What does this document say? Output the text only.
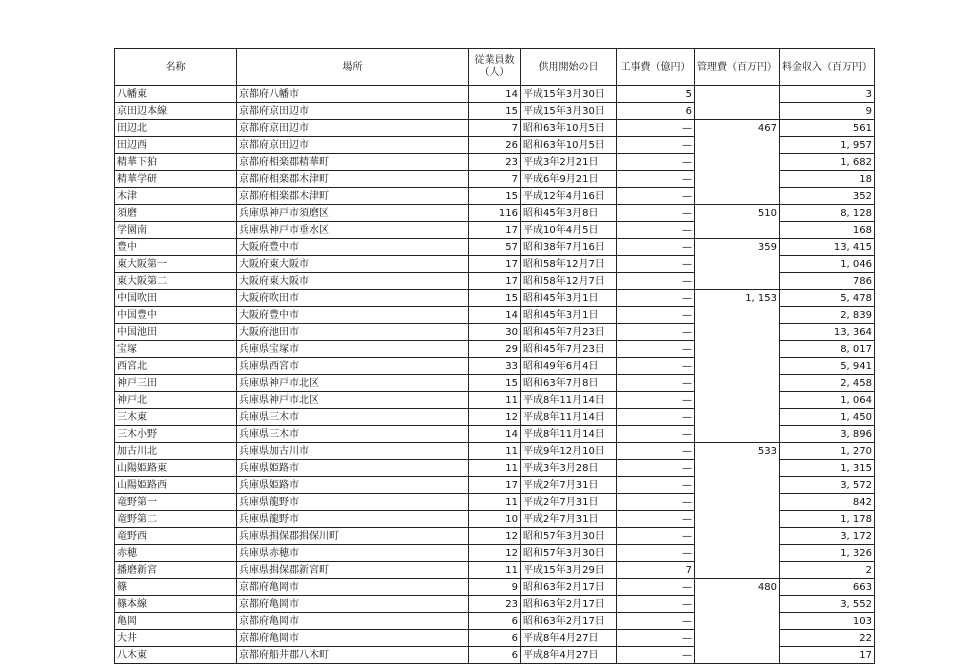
名称	場所	従業員数（人）	供用開始の日	工事費（億円）	管理費（百万円）	料金収入（百万円）
八幡東	京都府八幡市	14	平成15年3月30日	5		3
京田辺本線	京都府京田辺市	15	平成15年3月30日	6		9
田辺北	京都府京田辺市	7	昭和63年10月5日	—	467	561
田辺西	京都府京田辺市	26	昭和63年10月5日	—		1, 957
精華下狛	京都府相楽郡精華町	23	平成3年2月21日	—		1, 682
精華学研	京都府相楽郡木津町	7	平成6年9月21日	—		18
木津	京都府相楽郡木津町	15	平成12年4月16日	—		352
須磨	兵庫県神戸市須磨区	116	昭和45年3月8日	—	510	8, 128
学園南	兵庫県神戸市垂水区	17	平成10年4月5日	—		168
豊中	大阪府豊中市	57	昭和38年7月16日	—	359	13, 415
東大阪第一	大阪府東大阪市	17	昭和58年12月7日	—		1, 046
東大阪第二	大阪府東大阪市	17	昭和58年12月7日	—		786
中国吹田	大阪府吹田市	15	昭和45年3月1日	—	1, 153	5, 478
中国豊中	大阪府豊中市	14	昭和45年3月1日	—		2, 839
中国池田	大阪府池田市	30	昭和45年7月23日	—		13, 364
宝塚	兵庫県宝塚市	29	昭和45年7月23日	—		8, 017
西宮北	兵庫県西宮市	33	昭和49年6月4日	—		5, 941
神戸三田	兵庫県神戸市北区	15	昭和63年7月8日	—		2, 458
神戸北	兵庫県神戸市北区	11	平成8年11月14日	—		1, 064
三木東	兵庫県三木市	12	平成8年11月14日	—		1, 450
三木小野	兵庫県三木市	14	平成8年11月14日	—		3, 896
加古川北	兵庫県加古川市	11	平成9年12月10日	—	533	1, 270
山陽姫路東	兵庫県姫路市	11	平成3年3月28日	—		1, 315
山陽姫路西	兵庫県姫路市	17	平成2年7月31日	—		3, 572
竜野第一	兵庫県龍野市	11	平成2年7月31日	—		842
竜野第二	兵庫県龍野市	10	平成2年7月31日	—		1, 178
竜野西	兵庫県揖保郡揖保川町	12	昭和57年3月30日	—		3, 172
赤穂	兵庫県赤穂市	12	昭和57年3月30日	—		1, 326
播磨新宮	兵庫県揖保郡新宮町	11	平成15年3月29日	7		2
篠	京都府亀岡市	9	昭和63年2月17日	—	480	663
篠本線	京都府亀岡市	23	昭和63年2月17日	—		3, 552
亀岡	京都府亀岡市	6	昭和63年2月17日	—		103
大井	京都府亀岡市	6	平成8年4月27日	—		22
八木東	京都府船井郡八木町	6	平成8年4月27日	—		17
